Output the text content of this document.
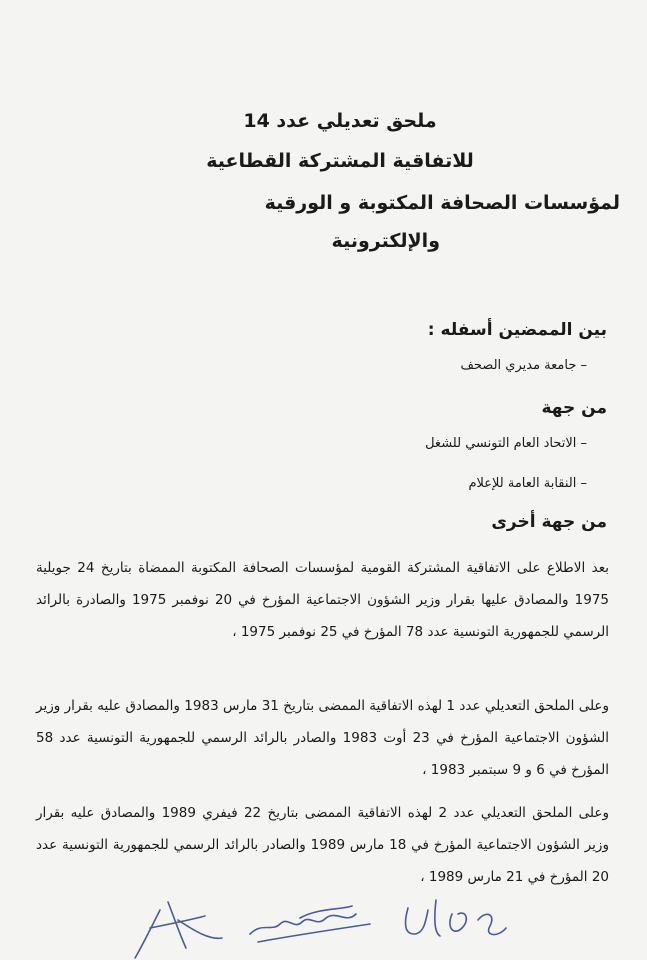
ملحق تعديلي عدد 14
للاتفاقية المشتركة القطاعية
لمؤسسات الصحافة المكتوبة و الورقية
والإلكترونية
بين الممضين أسفله :
– جامعة مديري الصحف
من جهة
– الاتحاد العام التونسي للشغل
– النقابة العامة للإعلام
من جهة أخرى
بعد الاطلاع على الاتفاقية المشتركة القومية لمؤسسات الصحافة المكتوبة الممضاة بتاريخ 24 جويلية 1975 والمصادق عليها بقرار وزير الشؤون الاجتماعية المؤرخ في 20 نوفمبر 1975 والصادرة بالرائد الرسمي للجمهورية التونسية عدد 78 المؤرخ في 25 نوفمبر 1975 ،
وعلى الملحق التعديلي عدد 1 لهذه الاتفاقية الممضى بتاريخ 31 مارس 1983 والمصادق عليه بقرار وزير الشؤون الاجتماعية المؤرخ في 23 أوت 1983 والصادر بالرائد الرسمي للجمهورية التونسية عدد 58 المؤرخ في 6 و 9 سبتمبر 1983 ،
وعلى الملحق التعديلي عدد 2 لهذه الاتفاقية الممضى بتاريخ 22 فيفري 1989 والمصادق عليه بقرار وزير الشؤون الاجتماعية المؤرخ في 18 مارس 1989 والصادر بالرائد الرسمي للجمهورية التونسية عدد 20 المؤرخ في 21 مارس 1989 ،
